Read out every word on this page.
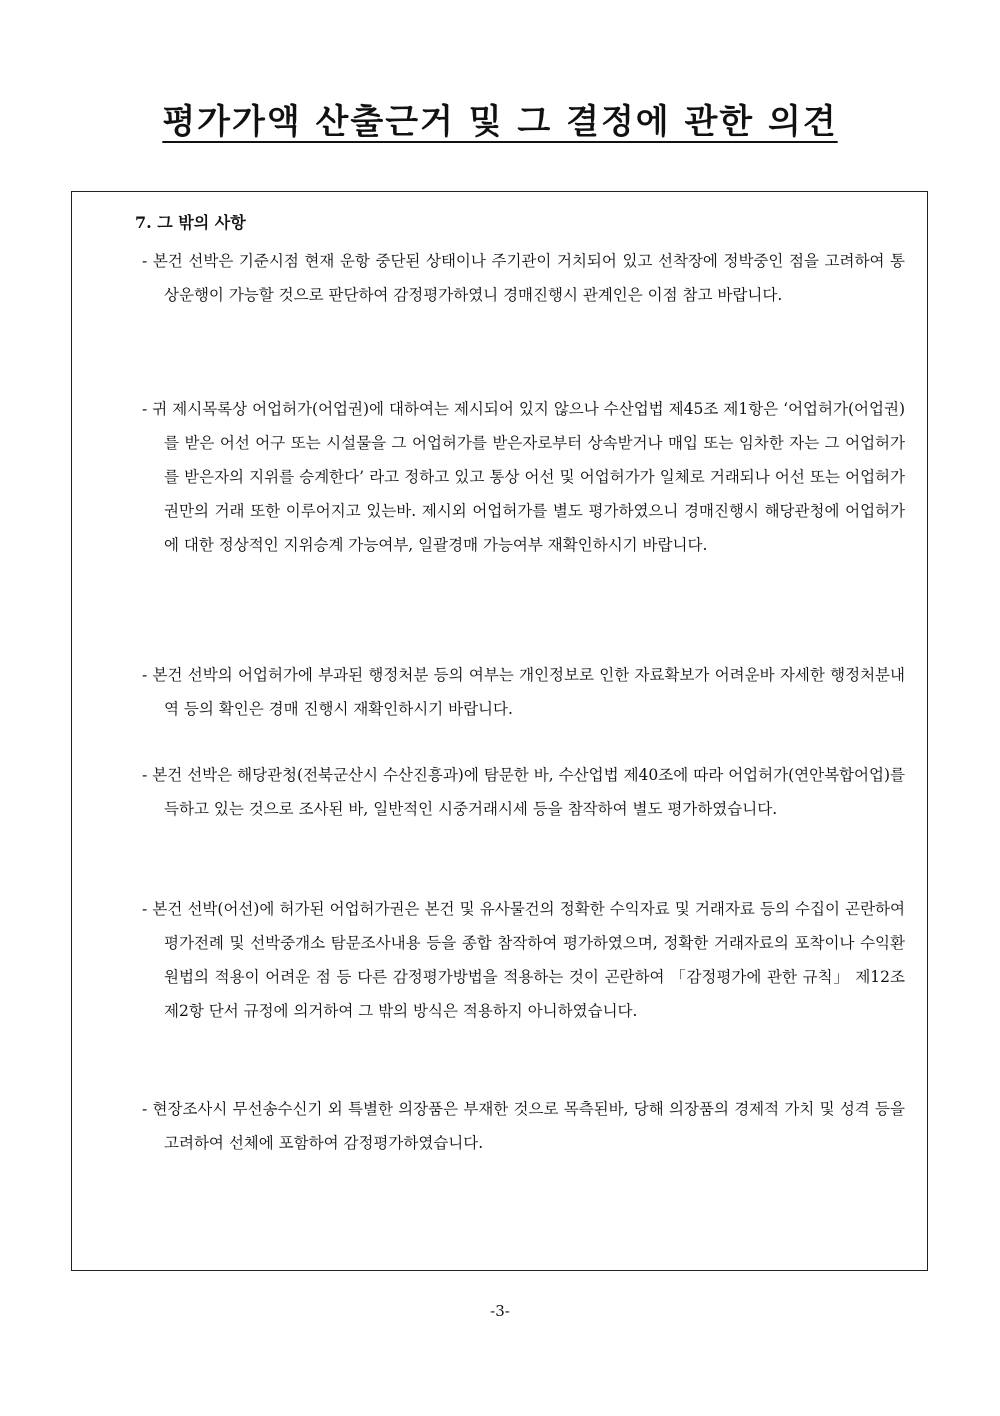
평가가액 산출근거 및 그 결정에 관한 의견
7. 그 밖의 사항
- 본건 선박은 기준시점 현재 운항 중단된 상태이나 주기관이 거치되어 있고 선착장에 정박중인 점을 고려하여 통상운행이 가능할 것으로 판단하여 감정평가하였니 경매진행시 관계인은 이점 참고 바랍니다.
- 귀 제시목록상 어업허가(어업권)에 대하여는 제시되어 있지 않으나 수산업법 제45조 제1항은 ‘어업허가(어업권)를 받은 어선 어구 또는 시설물을 그 어업허가를 받은자로부터 상속받거나 매입 또는 임차한 자는 그 어업허가를 받은자의 지위를 승계한다’ 라고 정하고 있고 통상 어선 및 어업허가가 일체로 거래되나 어선 또는 어업허가권만의 거래 또한 이루어지고 있는바. 제시외 어업허가를 별도 평가하였으니 경매진행시 해당관청에 어업허가에 대한 정상적인 지위승계 가능여부, 일괄경매 가능여부 재확인하시기 바랍니다.
- 본건 선박의 어업허가에 부과된 행정처분 등의 여부는 개인정보로 인한 자료확보가 어려운바 자세한 행정처분내역 등의 확인은 경매 진행시 재확인하시기 바랍니다.
- 본건 선박은 해당관청(전북군산시 수산진흥과)에 탐문한 바, 수산업법 제40조에 따라 어업허가(연안복합어업)를 득하고 있는 것으로 조사된 바, 일반적인 시중거래시세 등을 참작하여 별도 평가하였습니다.
- 본건 선박(어선)에 허가된 어업허가권은 본건 및 유사물건의 정확한 수익자료 및 거래자료 등의 수집이 곤란하여 평가전례 및 선박중개소 탐문조사내용 등을 종합 참작하여 평가하였으며, 정확한 거래자료의 포착이나 수익환원법의 적용이 어려운 점 등 다른 감정평가방법을 적용하는 것이 곤란하여 「감정평가에 관한 규칙」 제12조 제2항 단서 규정에 의거하여 그 밖의 방식은 적용하지 아니하였습니다.
- 현장조사시 무선송수신기 외 특별한 의장품은 부재한 것으로 목측된바, 당해 의장품의 경제적 가치 및 성격 등을 고려하여 선체에 포함하여 감정평가하였습니다.
-3-
